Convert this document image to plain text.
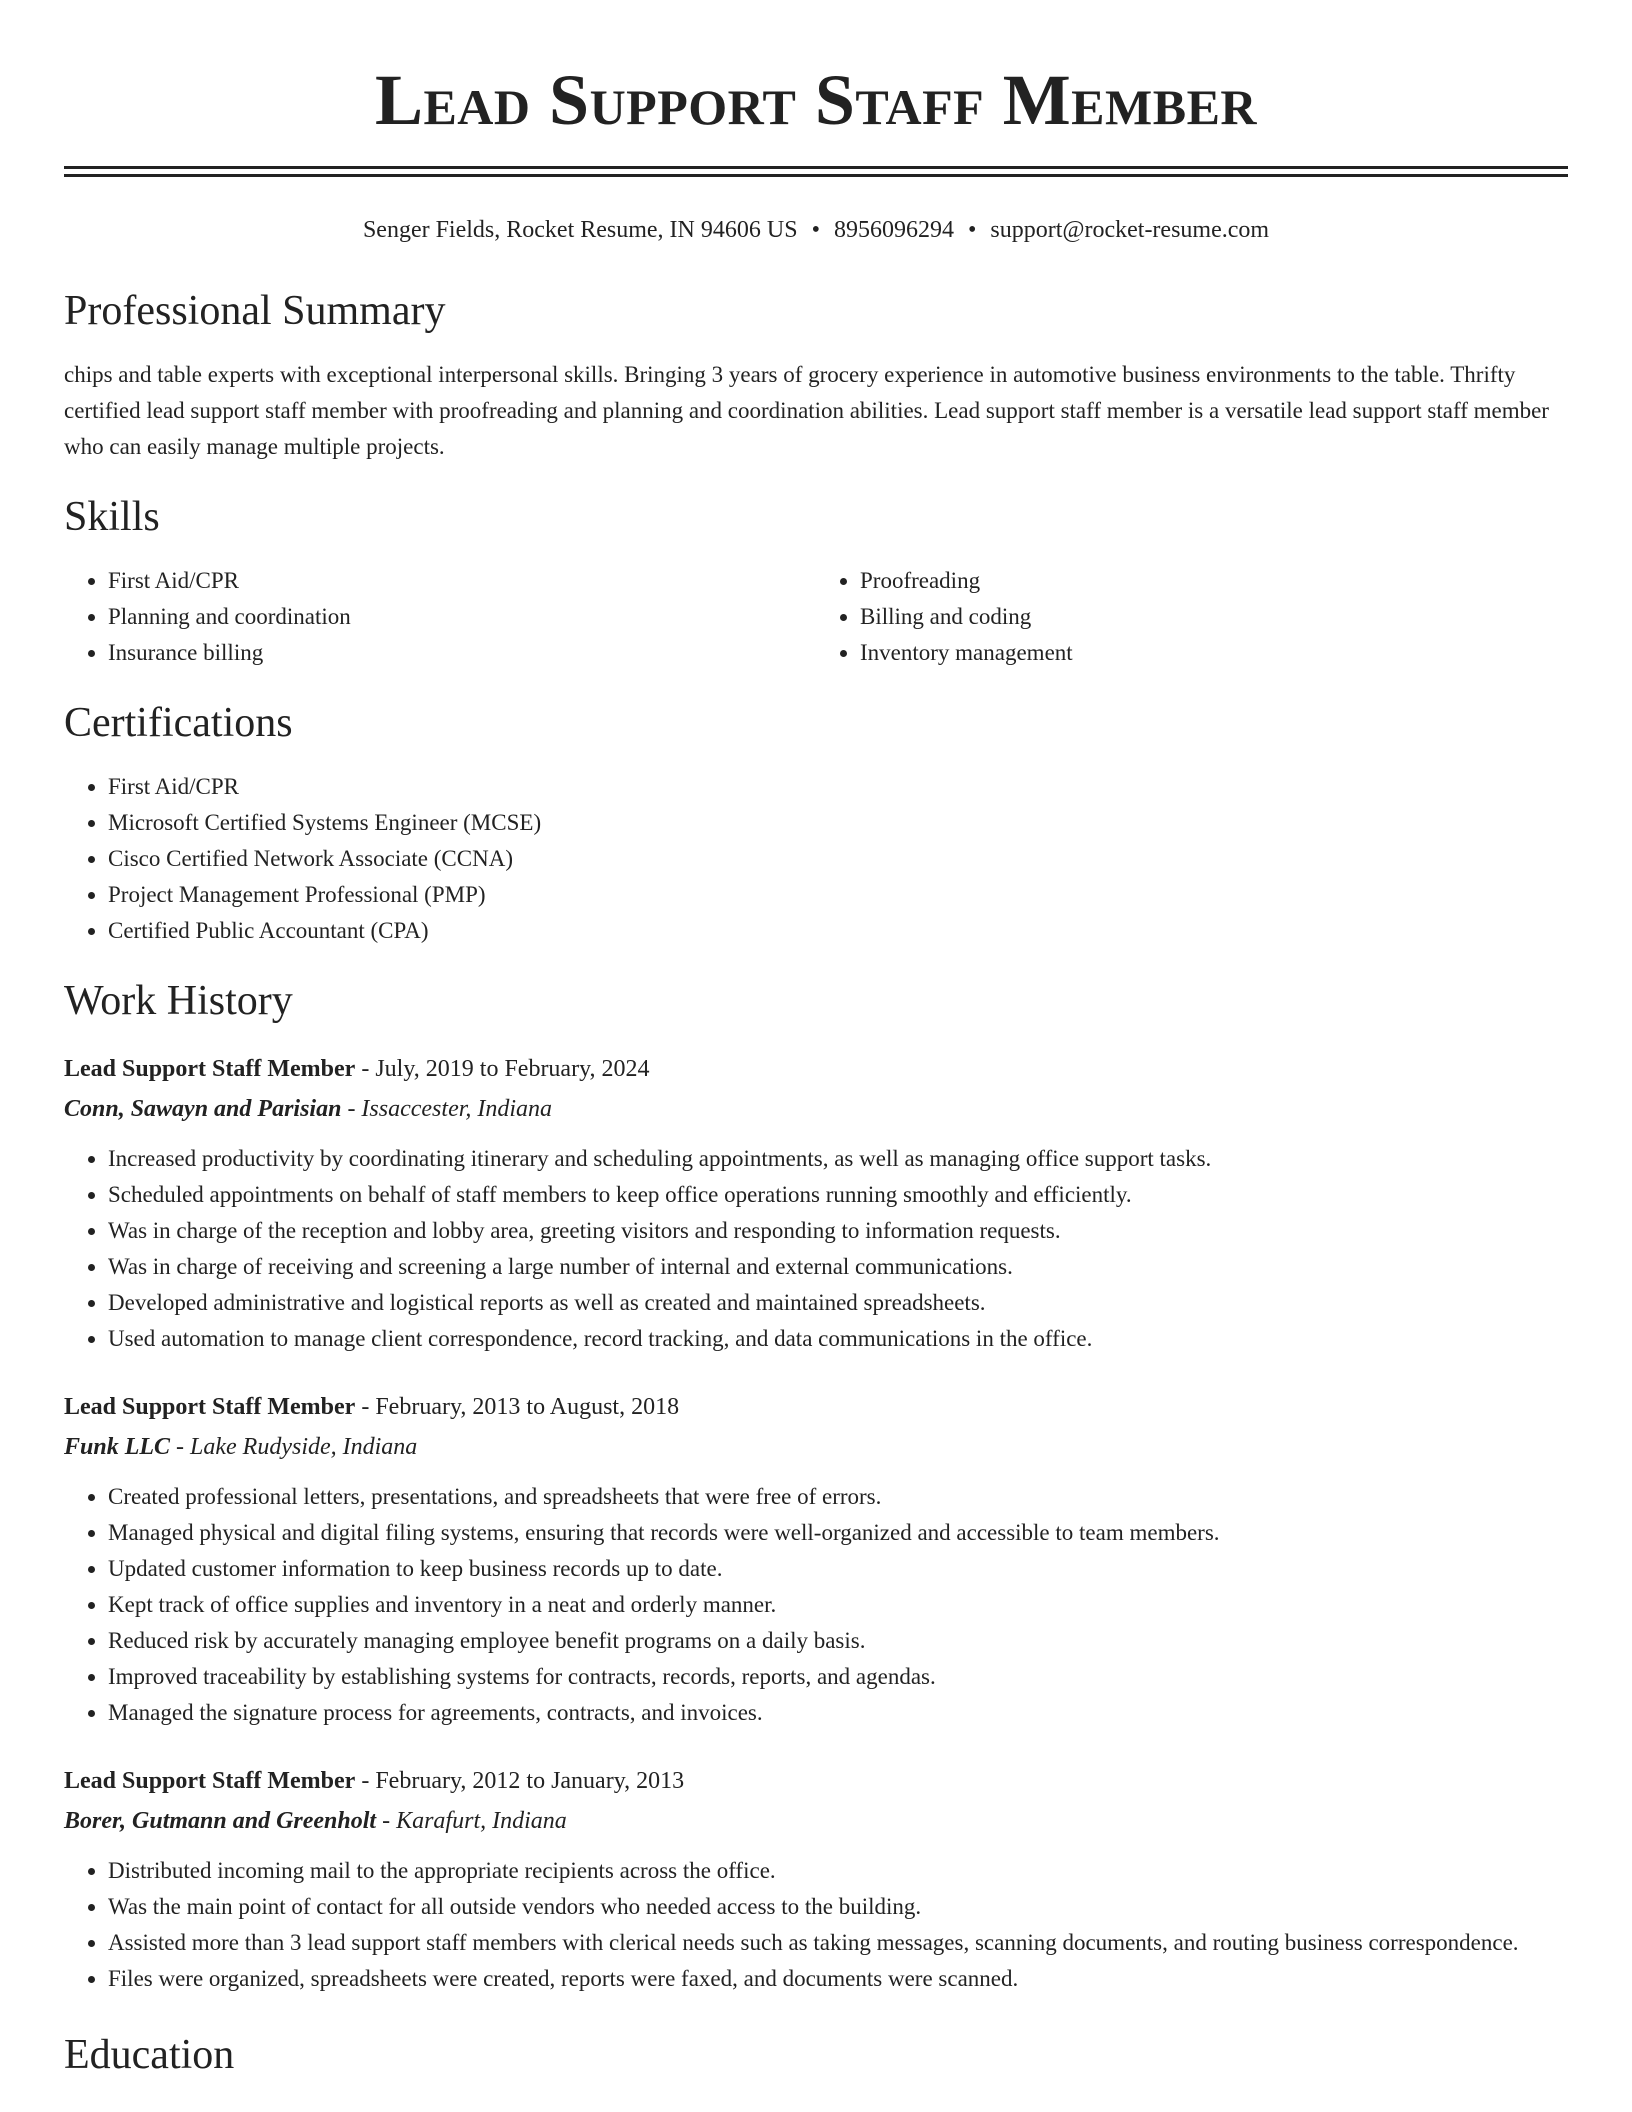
Lead Support Staff Member
Senger Fields, Rocket Resume, IN 94606 US • 8956096294 • support@rocket-resume.com
Professional Summary

chips and table experts with exceptional interpersonal skills. Bringing 3 years of grocery experience in automotive business environments to the table. Thrifty certified lead support staff member with proofreading and planning and coordination abilities. Lead support staff member is a versatile lead support staff member who can easily manage multiple projects.

Skills
• First Aid/CPR
• Planning and coordination
• Insurance billing
• Proofreading
• Billing and coding
• Inventory management
Certifications
• First Aid/CPR
• Microsoft Certified Systems Engineer (MCSE)
• Cisco Certified Network Associate (CCNA)
• Project Management Professional (PMP)
• Certified Public Accountant (CPA)
Work History
Lead Support Staff Member - July, 2019 to February, 2024
Conn, Sawayn and Parisian - Issaccester, Indiana
• Increased productivity by coordinating itinerary and scheduling appointments, as well as managing office support tasks.
• Scheduled appointments on behalf of staff members to keep office operations running smoothly and efficiently.
• Was in charge of the reception and lobby area, greeting visitors and responding to information requests.
• Was in charge of receiving and screening a large number of internal and external communications.
• Developed administrative and logistical reports as well as created and maintained spreadsheets.
• Used automation to manage client correspondence, record tracking, and data communications in the office.
Lead Support Staff Member - February, 2013 to August, 2018
Funk LLC - Lake Rudyside, Indiana
• Created professional letters, presentations, and spreadsheets that were free of errors.
• Managed physical and digital filing systems, ensuring that records were well-organized and accessible to team members.
• Updated customer information to keep business records up to date.
• Kept track of office supplies and inventory in a neat and orderly manner.
• Reduced risk by accurately managing employee benefit programs on a daily basis.
• Improved traceability by establishing systems for contracts, records, reports, and agendas.
• Managed the signature process for agreements, contracts, and invoices.
Lead Support Staff Member - February, 2012 to January, 2013
Borer, Gutmann and Greenholt - Karafurt, Indiana
• Distributed incoming mail to the appropriate recipients across the office.
• Was the main point of contact for all outside vendors who needed access to the building.
• Assisted more than 3 lead support staff members with clerical needs such as taking messages, scanning documents, and routing business correspondence.
• Files were organized, spreadsheets were created, reports were faxed, and documents were scanned.
Education
